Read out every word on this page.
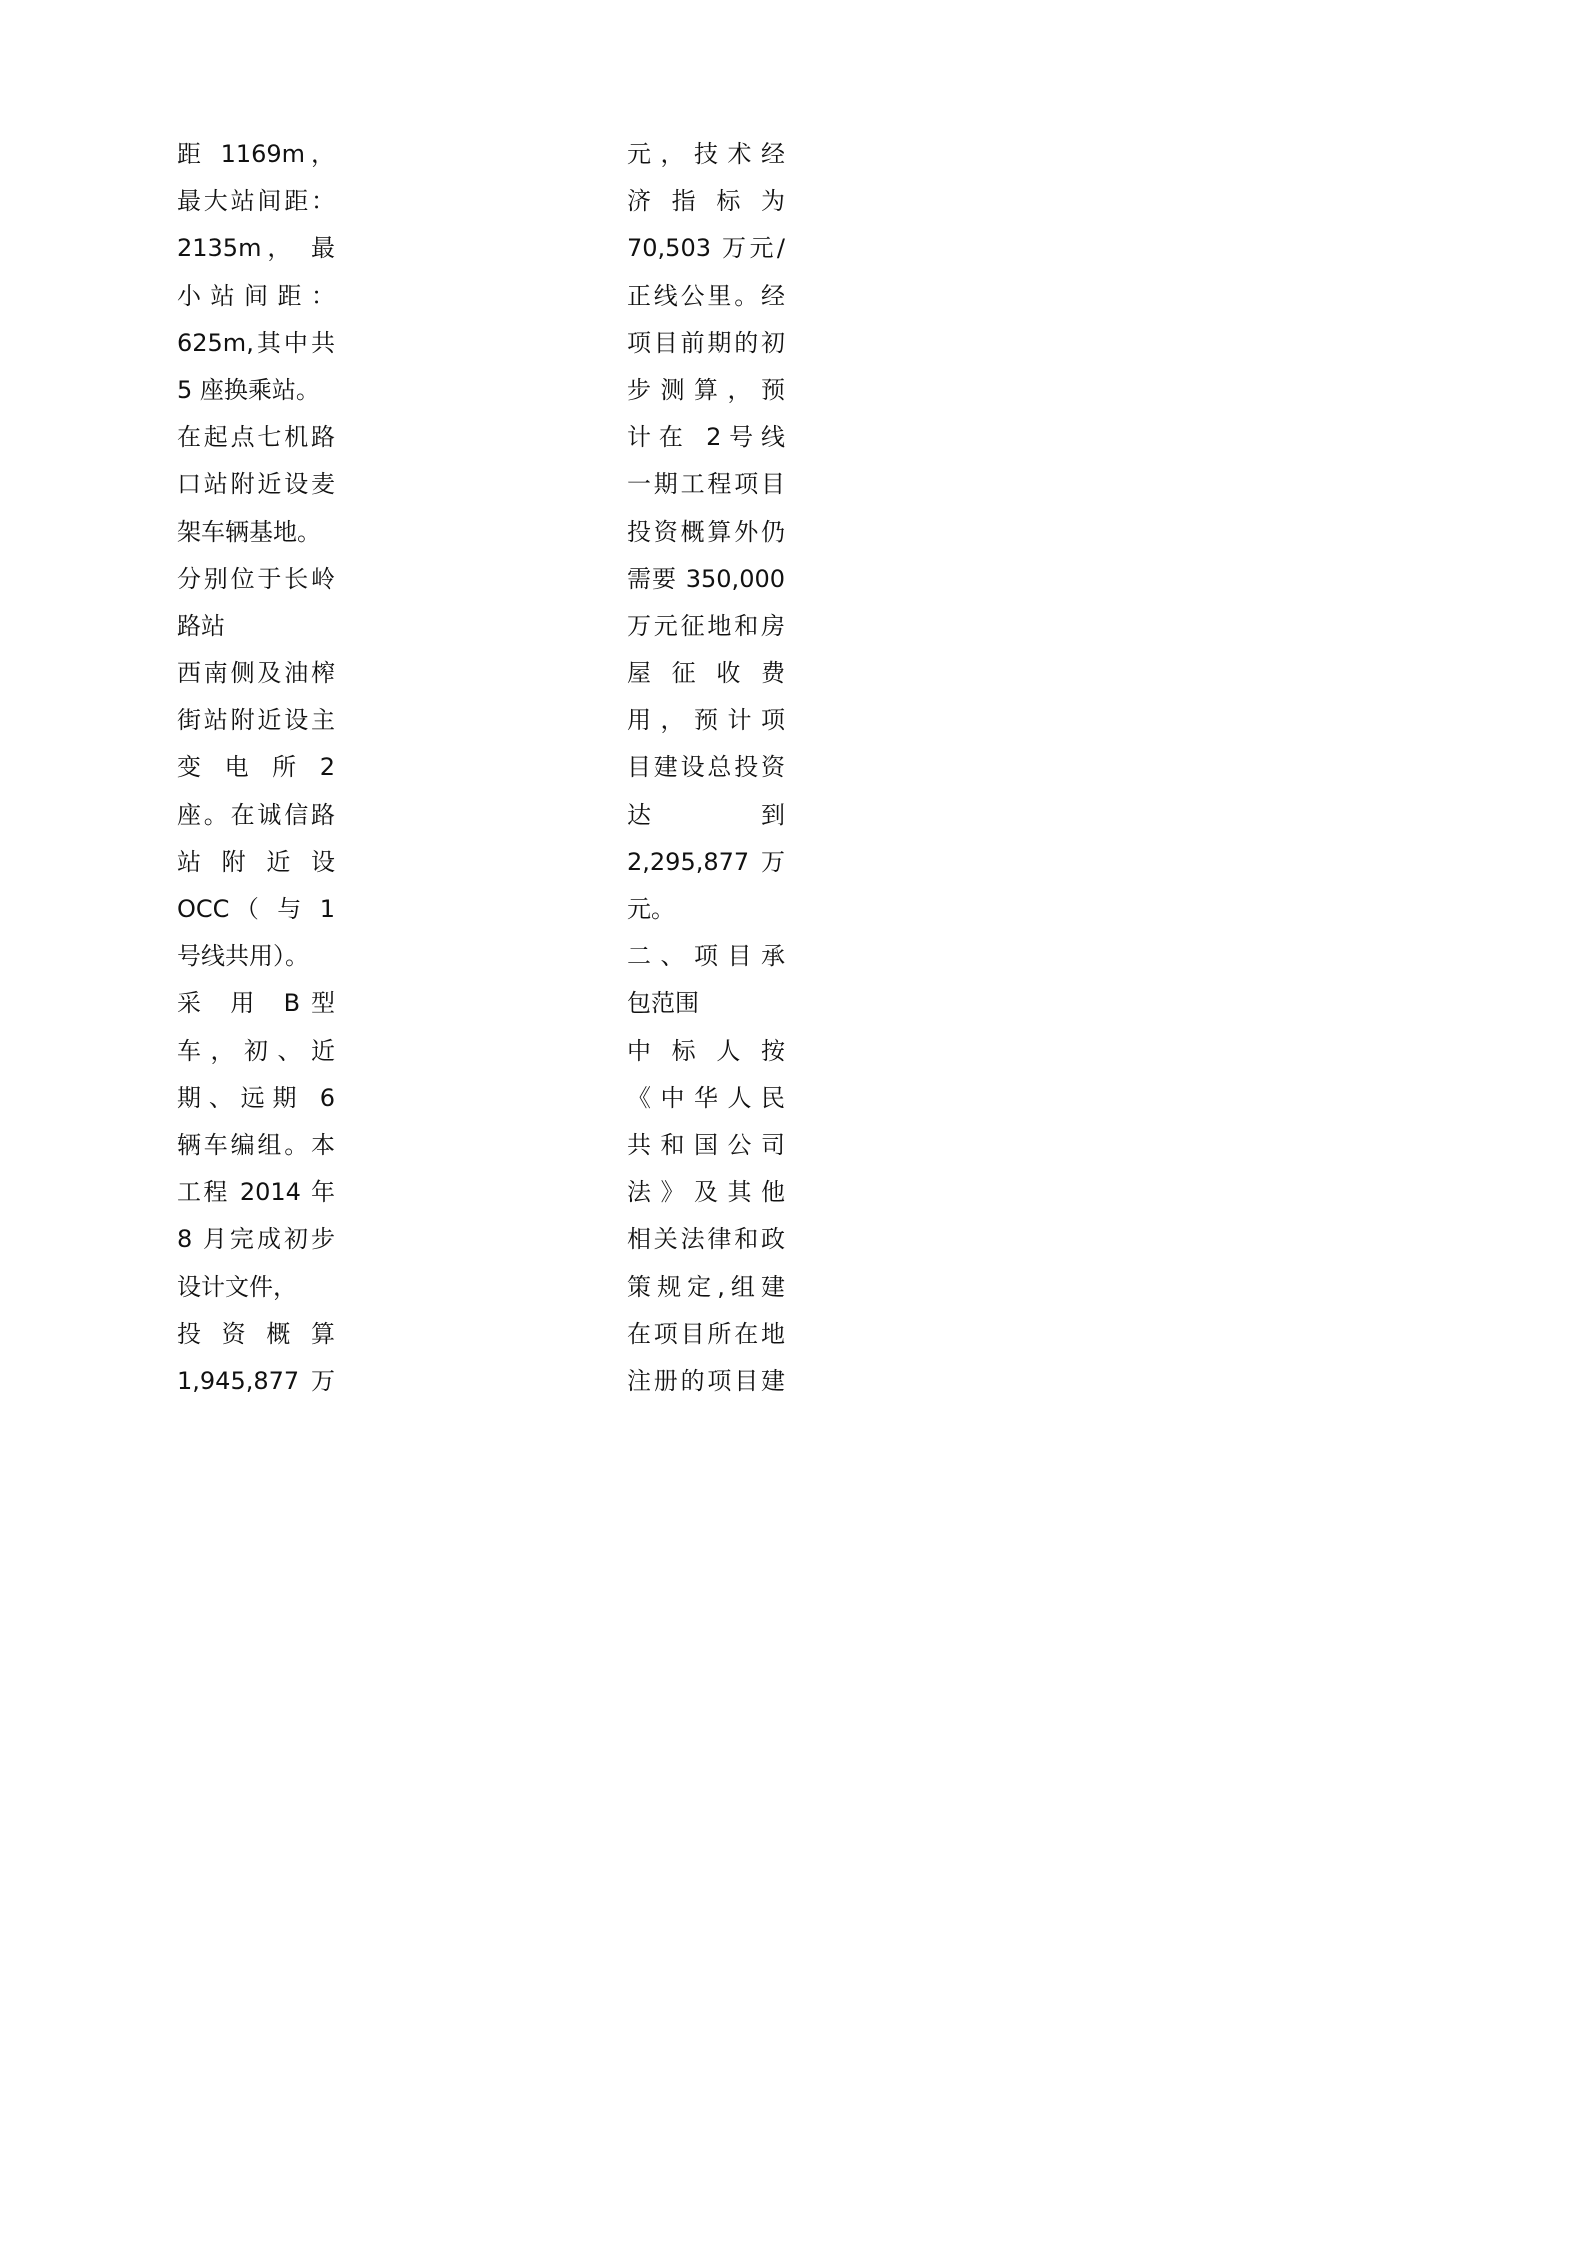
距 1169m，
最大站间距：
2135m， 最
小站间距：
625m,其中共
5 座换乘站。
在起点七机路
口站附近设麦
架车辆基地。
分别位于长岭
路站
西南侧及油榨
街站附近设主
变 电 所 2
座。在诚信路
站 附 近 设
OCC（ 与 1
号线共用）。
采 用 B型
车，初、近
期、远期 6
辆车编组。本
工程 2014 年
8 月完成初步
设计文件，
投 资 概 算
1,945,877 万
元，技术经
济 指 标 为
70,503 万元/
正线公里。经
项目前期的初
步测算，预
计在 2号线
一期工程项目
投资概算外仍
需要 350,000
万元征地和房
屋 征 收 费
用，预计项
目建设总投资
达　　　到
2,295,877 万
元。
二、项目承
包范围
中 标 人 按
《中华人民
共和国公司
法》及其他
相关法律和政
策规定,组建
在项目所在地
注册的项目建
